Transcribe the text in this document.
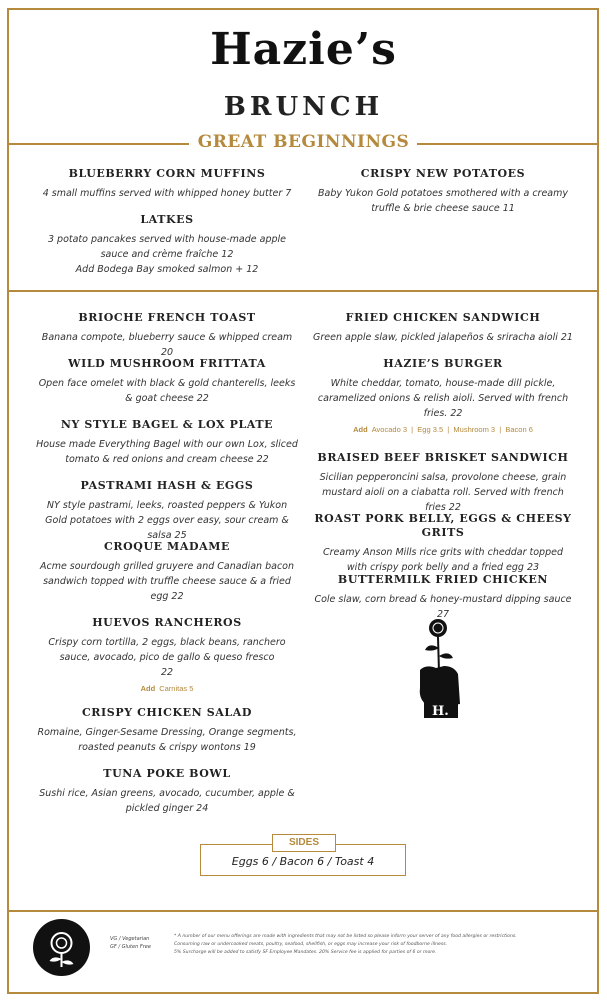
Hazie’s
BRUNCH
GREAT BEGINNINGS
BLUEBERRY CORN MUFFINS
4 small muffins served with whipped honey butter 7
LATKES
3 potato pancakes served with house-made apple sauce and crème fraîche 12
Add Bodega Bay smoked salmon + 12
CRISPY NEW POTATOES
Baby Yukon Gold potatoes smothered with a creamy truffle & brie cheese sauce 11
BRIOCHE FRENCH TOAST
Banana compote, blueberry sauce & whipped cream 20
WILD MUSHROOM FRITTATA
Open face omelet with black & gold chanterells, leeks & goat cheese 22
NY STYLE BAGEL & LOX PLATE
House made Everything Bagel with our own Lox, sliced tomato & red onions and cream cheese 22
PASTRAMI HASH & EGGS
NY style pastrami, leeks, roasted peppers & Yukon Gold potatoes with 2 eggs over easy, sour cream & salsa 25
CROQUE MADAME
Acme sourdough grilled gruyere and Canadian bacon sandwich topped with truffle cheese sauce & a fried egg 22
HUEVOS RANCHEROS
Crispy corn tortilla, 2 eggs, black beans, ranchero sauce, avocado, pico de gallo & queso fresco
22
Add Carnitas 5
CRISPY CHICKEN SALAD
Romaine, Ginger-Sesame Dressing, Orange segments, roasted peanuts & crispy wontons 19
TUNA POKE BOWL
Sushi rice, Asian greens, avocado, cucumber, apple & pickled ginger 24
FRIED CHICKEN SANDWICH
Green apple slaw, pickled jalapeños & sriracha aioli 21
HAZIE’S BURGER
White cheddar, tomato, house-made dill pickle, caramelized onions & relish aioli. Served with french fries. 22
Add Avocado 3  |  Egg 3.5  |  Mushroom 3  |  Bacon 6
BRAISED BEEF BRISKET SANDWICH
Sicilian pepperoncini salsa, provolone cheese, grain mustard aioli on a ciabatta roll. Served with french fries 22
ROAST PORK BELLY, EGGS & CHEESY GRITS
Creamy Anson Mills rice grits with cheddar topped with crispy pork belly and a fried egg 23
BUTTERMILK FRIED CHICKEN
Cole slaw, corn bread & honey-mustard dipping sauce 27
H.
Eggs 6 / Bacon 6 / Toast 4
SIDES
VG / Vegetarian
GF / Gluten Free
* A number of our menu offerings are made with ingredients that may not be listed so please inform your server of any food allergies or restrictions.
Consuming raw or undercooked meats, poultry, seafood, shellfish, or eggs may increase your risk of foodborne illness.
5% Surcharge will be added to satisfy SF Employee Mandates. 20% Service fee is applied for parties of 6 or more.
